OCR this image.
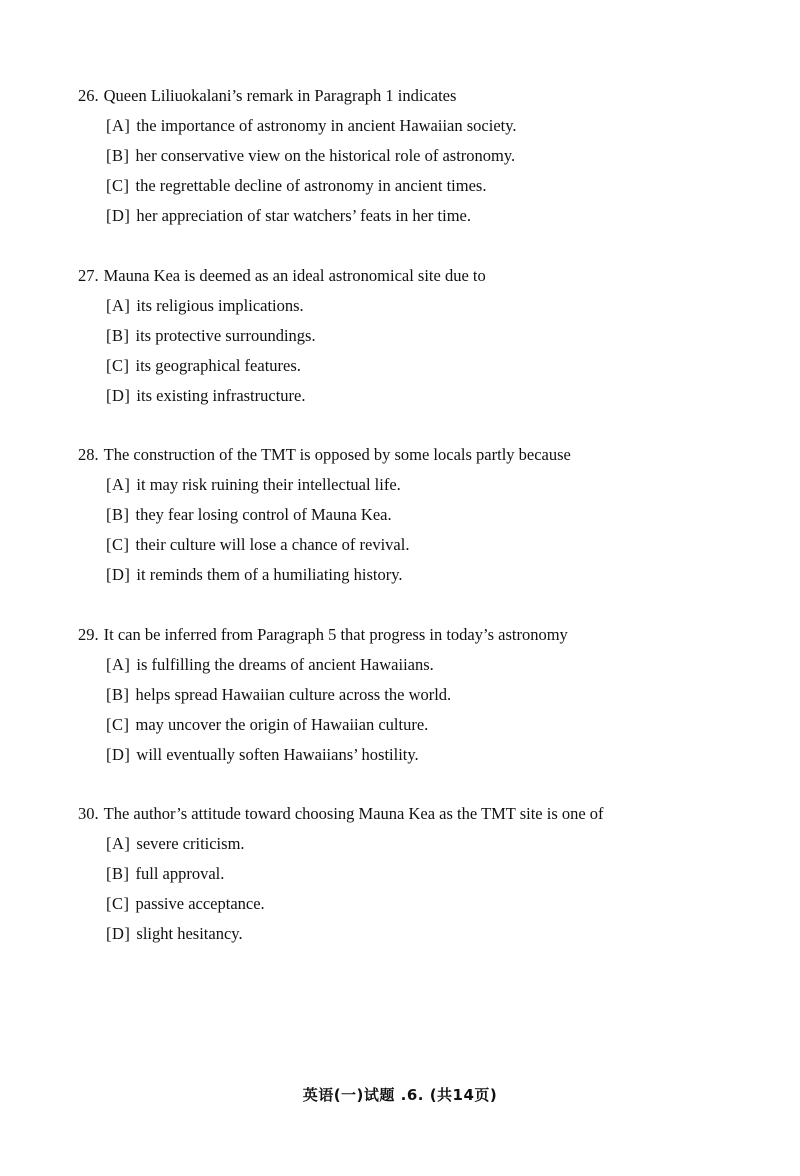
26. Queen Liliuokalani’s remark in Paragraph 1 indicates
[A] the importance of astronomy in ancient Hawaiian society.
[B] her conservative view on the historical role of astronomy.
[C] the regrettable decline of astronomy in ancient times.
[D] her appreciation of star watchers’ feats in her time.
27. Mauna Kea is deemed as an ideal astronomical site due to
[A] its religious implications.
[B] its protective surroundings.
[C] its geographical features.
[D] its existing infrastructure.
28. The construction of the TMT is opposed by some locals partly because
[A] it may risk ruining their intellectual life.
[B] they fear losing control of Mauna Kea.
[C] their culture will lose a chance of revival.
[D] it reminds them of a humiliating history.
29. It can be inferred from Paragraph 5 that progress in today’s astronomy
[A] is fulfilling the dreams of ancient Hawaiians.
[B] helps spread Hawaiian culture across the world.
[C] may uncover the origin of Hawaiian culture.
[D] will eventually soften Hawaiians’ hostility.
30. The author’s attitude toward choosing Mauna Kea as the TMT site is one of
[A] severe criticism.
[B] full approval.
[C] passive acceptance.
[D] slight hesitancy.
英语(一)试题 .6. (共14页)
